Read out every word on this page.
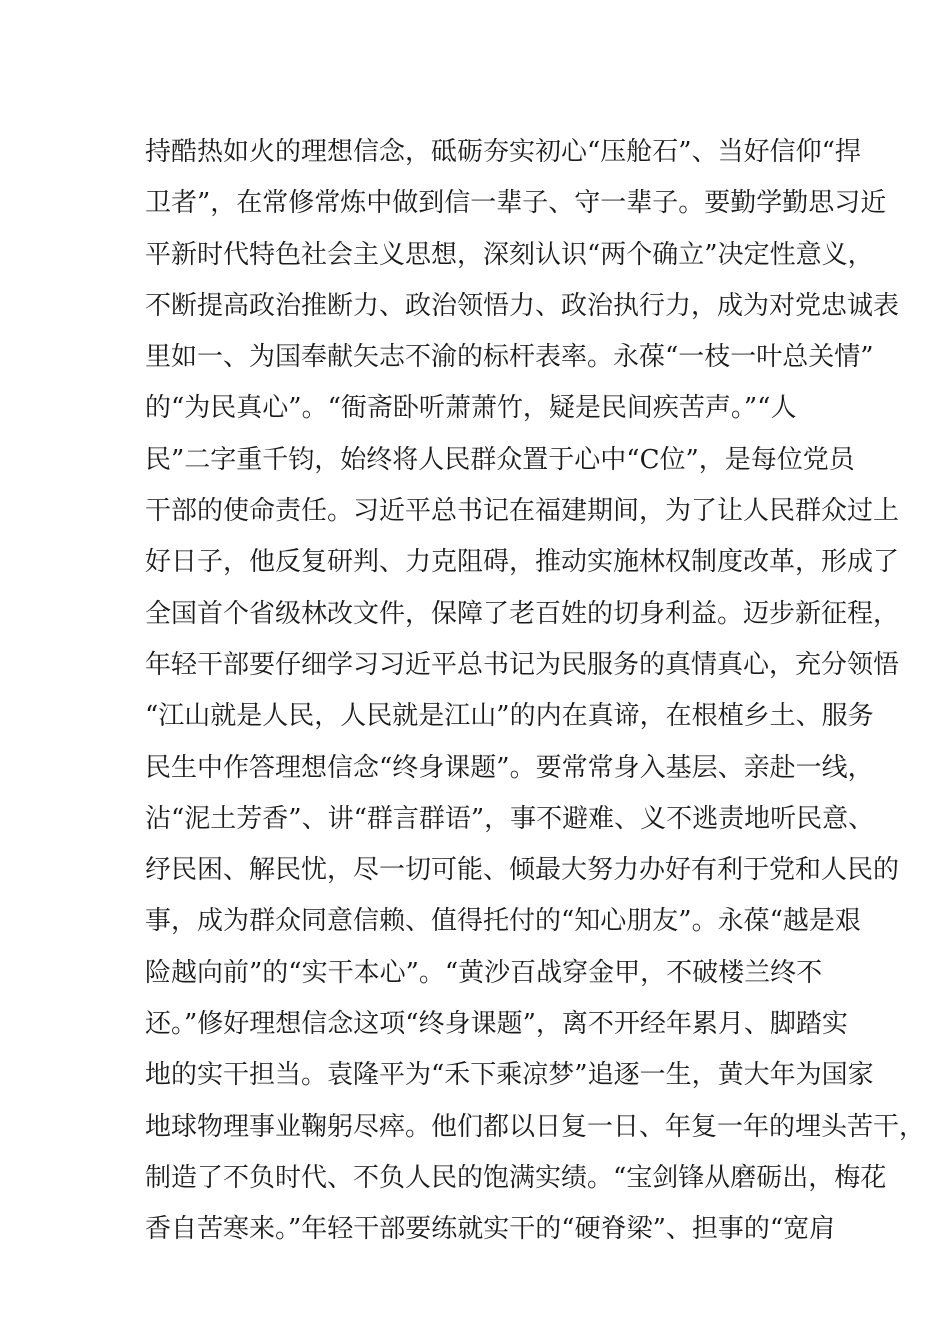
持酷热如火的理想信念，砥砺夯实初心“压舱石”、当好信仰“捍
卫者”，在常修常炼中做到信一辈子、守一辈子。要勤学勤思习近
平新时代特色社会主义思想，深刻认识“两个确立”决定性意义，
不断提高政治推断力、政治领悟力、政治执行力，成为对党忠诚表
里如一、为国奉献矢志不渝的标杆表率。永葆“一枝一叶总关情”
的“为民真心”。“衙斋卧听萧萧竹，疑是民间疾苦声。”“人
民”二字重千钧，始终将人民群众置于心中“C位”，是每位党员
干部的使命责任。习近平总书记在福建期间，为了让人民群众过上
好日子，他反复研判、力克阻碍，推动实施林权制度改革，形成了
全国首个省级林改文件，保障了老百姓的切身利益。迈步新征程，
年轻干部要仔细学习习近平总书记为民服务的真情真心，充分领悟
“江山就是人民，人民就是江山”的内在真谛，在根植乡土、服务
民生中作答理想信念“终身课题”。要常常身入基层、亲赴一线，
沾“泥土芳香”、讲“群言群语”，事不避难、义不逃责地听民意、
纾民困、解民忧，尽一切可能、倾最大努力办好有利于党和人民的
事，成为群众同意信赖、值得托付的“知心朋友”。永葆“越是艰
险越向前”的“实干本心”。“黄沙百战穿金甲，不破楼兰终不
还。”修好理想信念这项“终身课题”，离不开经年累月、脚踏实
地的实干担当。袁隆平为“禾下乘凉梦”追逐一生，黄大年为国家
地球物理事业鞠躬尽瘁。他们都以日复一日、年复一年的埋头苦干，
制造了不负时代、不负人民的饱满实绩。“宝剑锋从磨砺出，梅花
香自苦寒来。”年轻干部要练就实干的“硬脊梁”、担事的“宽肩
